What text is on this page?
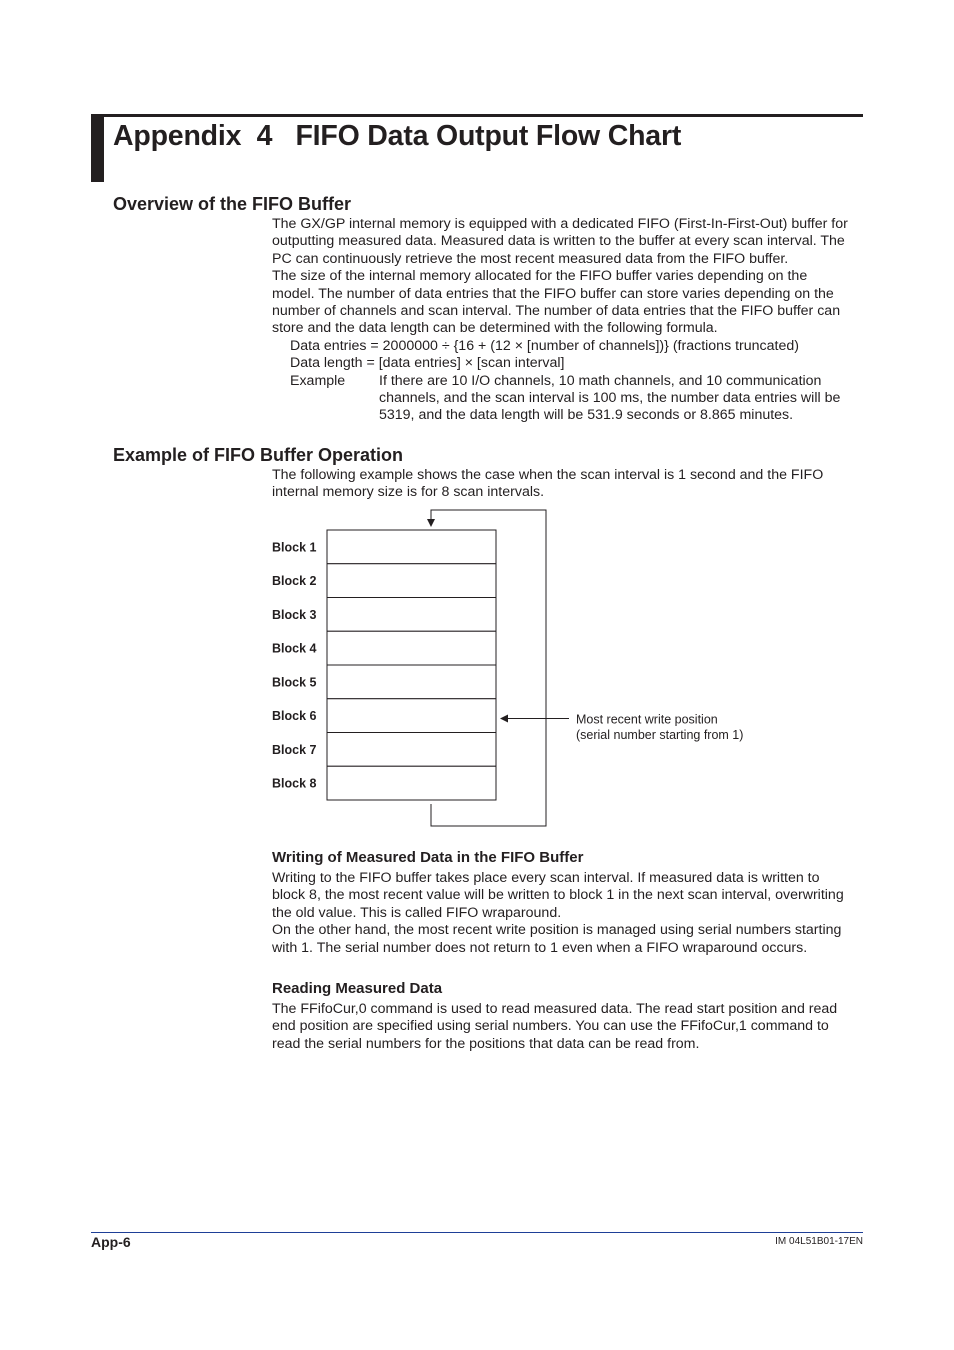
Appendix  4   FIFO Data Output Flow Chart
Overview of the FIFO Buffer
The GX/GP internal memory is equipped with a dedicated FIFO (First-In-First-Out) buffer for
outputting measured data. Measured data is written to the buffer at every scan interval. The
PC can continuously retrieve the most recent measured data from the FIFO buffer.
The size of the internal memory allocated for the FIFO buffer varies depending on the
model. The number of data entries that the FIFO buffer can store varies depending on the
number of channels and scan interval. The number of data entries that the FIFO buffer can
store and the data length can be determined with the following formula.
Data entries = 2000000 ÷ {16 + (12 × [number of channels])} (fractions truncated)
Data length = [data entries] × [scan interval]
Example	If there are 10 I/O channels, 10 math channels, and 10 communication
channels, and the scan interval is 100 ms, the number data entries will be
5319, and the data length will be 531.9 seconds or 8.865 minutes.
Example of FIFO Buffer Operation
The following example shows the case when the scan interval is 1 second and the FIFO
internal memory size is for 8 scan intervals.
Block 1
Block 2
Block 3
Block 4
Block 5
Block 6
Block 7
Block 8
Most recent write position
(serial number starting from 1)
Writing of Measured Data in the FIFO Buffer
Writing to the FIFO buffer takes place every scan interval. If measured data is written to
block 8, the most recent value will be written to block 1 in the next scan interval, overwriting
the old value. This is called FIFO wraparound.
On the other hand, the most recent write position is managed using serial numbers starting
with 1. The serial number does not return to 1 even when a FIFO wraparound occurs.
Reading Measured Data
The FFifoCur,0 command is used to read measured data. The read start position and read
end position are specified using serial numbers. You can use the FFifoCur,1 command to
read the serial numbers for the positions that data can be read from.
App-6	IM 04L51B01-17EN
